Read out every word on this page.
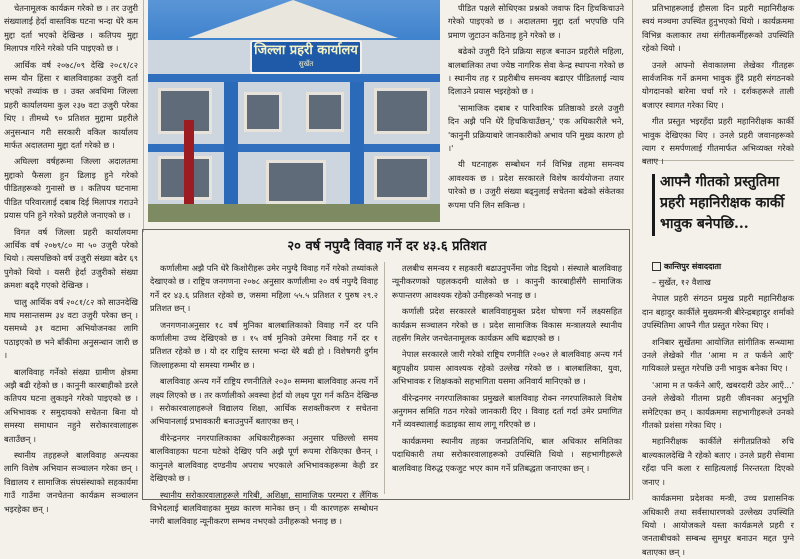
जिल्ला प्रहरी कार्यालय
सुर्खेत

चेतनामूलक कार्यक्रम गरेको छ । तर उजुरी संख्यालाई हेर्दा वास्तविक घटना भन्दा धेरै कम मुद्दा दर्ता भएको देखिन्छ । कतिपय मुद्दा मिलापत्र गरिने गरेको पनि पाइएको छ ।

आर्थिक वर्ष २०७८/०९ देखि २०८१/८२ सम्म यौन हिंसा र बालविवाहका उजुरी दर्ता भएको तथ्यांक छ । उक्त अवधिमा जिल्ला प्रहरी कार्यालयमा कुल २३७ वटा उजुरी परेका थिए । तीमध्ये ९० प्रतिशत मुद्दामा प्रहरीले अनुसन्धान गरी सरकारी वकिल कार्यालय मार्फत अदालतमा मुद्दा दर्ता गरेको छ ।

अघिल्ला वर्षहरूमा जिल्ला अदालतमा मुद्दाको फैसला हुन ढिलाइ हुने गरेको पीडितहरूको गुनासो छ । कतिपय घटनामा पीडित परिवारलाई दबाब दिई मिलापत्र गराउने प्रयास पनि हुने गरेको प्रहरीले जनाएको छ ।

विगत वर्ष जिल्ला प्रहरी कार्यालयमा आर्थिक वर्ष २०७९/८० मा ५० उजुरी परेको थियो । त्यसपछिको वर्ष उजुरी संख्या बढेर ६९ पुगेको थियो । यसरी हेर्दा उजुरीको संख्या क्रमशः बढ्दै गएको देखिन्छ ।

चालु आर्थिक वर्ष २०८१/८२ को साउनदेखि माघ मसान्तसम्म ३४ वटा उजुरी परेका छन् । यसमध्ये ३१ वटामा अभियोजनका लागि पठाइएको छ भने बाँकीमा अनुसन्धान जारी छ ।

बालविवाह गर्नेको संख्या ग्रामीण क्षेत्रमा अझै बढी रहेको छ । कानुनी कारबाहीको डरले कतिपय घटना लुकाइने गरेको पाइएको छ । अभिभावक र समुदायको सचेतना बिना यो समस्या समाधान नहुने सरोकारवालाहरू बताउँछन् ।

स्थानीय तहहरूले बालविवाह अन्त्यका लागि विशेष अभियान सञ्चालन गरेका छन् । विद्यालय र सामाजिक संघसंस्थाको सहकार्यमा गाउँ गाउँमा जनचेतना कार्यक्रम सञ्चालन भइरहेका छन् ।

पीडित पक्षले सोधिएका प्रश्नको जवाफ दिन हिचकिचाउने गरेको पाइएको छ । अदालतमा मुद्दा दर्ता भएपछि पनि प्रमाण जुटाउन कठिनाइ हुने गरेको छ ।

बढेको उजुरी दिने प्रक्रिया सहज बनाउन प्रहरीले महिला, बालबालिका तथा ज्येष्ठ नागरिक सेवा केन्द्र स्थापना गरेको छ । स्थानीय तह र प्रहरीबीच समन्वय बढाएर पीडितलाई न्याय दिलाउने प्रयास भइरहेको छ ।

'सामाजिक दबाब र पारिवारिक प्रतिष्ठाको डरले उजुरी दिन अझै पनि धेरै हिचकिचाउँछन्,' एक अधिकारीले भने, 'कानुनी प्रक्रियाबारे जानकारीको अभाव पनि मुख्य कारण हो ।'

यी घटनाहरू सम्बोधन गर्न विभिन्न तहमा समन्वय आवश्यक छ । प्रदेश सरकारले विशेष कार्ययोजना तयार पारेको छ । उजुरी संख्या बढ्नुलाई सचेतना बढेको संकेतका रूपमा पनि लिन सकिन्छ ।

प्रतिभाहरूलाई हौसला दिन प्रहरी महानिरीक्षक स्वयं मञ्चमा उपस्थित हुनुभएको थियो । कार्यक्रममा विभिन्न कलाकार तथा संगीतकर्मीहरूको उपस्थिति रहेको थियो ।

उनले आफ्नो सेवाकालमा लेखेका गीतहरू सार्वजनिक गर्ने क्रममा भावुक हुँदै प्रहरी संगठनको योगदानको बारेमा चर्चा गरे । दर्शकहरूले ताली बजाएर स्वागत गरेका थिए ।

गीत प्रस्तुत भइरहँदा प्रहरी महानिरीक्षक कार्की भावुक देखिएका थिए । उनले प्रहरी जवानहरूको त्याग र समर्पणलाई गीतमार्फत अभिव्यक्त गरेको बताए ।

आफ्नै गीतको प्रस्तुतिमा प्रहरी महानिरीक्षक कार्की भावुक बनेपछि...
कान्तिपुर संवाददाता

– सुर्खेत, १२ वैशाख

नेपाल प्रहरी संगठन प्रमुख प्रहरी महानिरीक्षक दान बहादुर कार्कीले मुख्यमन्त्री बीरेन्द्रबहादुर शर्माको उपस्थितिमा आफ्नै गीत प्रस्तुत गरेका थिए ।

शनिबार सुर्खेतमा आयोजित सांगीतिक सन्ध्यामा उनले लेखेको गीत 'आमा म त फर्कने आएँ' गायिकाले प्रस्तुत गरेपछि उनी भावुक बनेका थिए ।

'आमा म त फर्कने आएँ, खबरदारी उठेर आएँ...' उनले लेखेको गीतमा प्रहरी जीवनका अनुभूति समेटिएका छन् । कार्यक्रममा सहभागीहरूले उनको गीतको प्रशंसा गरेका थिए ।

महानिरीक्षक कार्कीले संगीतप्रतिको रुचि बाल्यकालदेखि नै रहेको बताए । उनले प्रहरी सेवामा रहँदा पनि कला र साहित्यलाई निरन्तरता दिएको जनाए ।

कार्यक्रममा प्रदेशका मन्त्री, उच्च प्रशासनिक अधिकारी तथा सर्वसाधारणको उल्लेख्य उपस्थिति थियो । आयोजकले यस्ता कार्यक्रमले प्रहरी र जनताबीचको सम्बन्ध सुमधुर बनाउन मद्दत पुग्ने बताएका छन् ।

२० वर्ष नपुग्दै विवाह गर्ने दर ४३.६ प्रतिशत

कर्णालीमा अझै पनि धेरै किशोरीहरू उमेर नपुग्दै विवाह गर्ने गरेको तथ्यांकले देखाएको छ । राष्ट्रिय जनगणना २०७८ अनुसार कर्णालीमा २० वर्ष नपुग्दै विवाह गर्ने दर ४३.६ प्रतिशत रहेको छ, जसमा महिला ५५.५ प्रतिशत र पुरुष २९.२ प्रतिशत छन् ।

जनगणनाअनुसार १८ वर्ष मुनिका बालबालिकाको विवाह गर्ने दर पनि कर्णालीमा उच्च देखिएको छ । १५ वर्ष मुनिको उमेरमा विवाह गर्ने दर १ प्रतिशत रहेको छ । यो दर राष्ट्रिय स्तरमा भन्दा धेरै बढी हो । विशेषगरी दुर्गम जिल्लाहरूमा यो समस्या गम्भीर छ ।

बालविवाह अन्त्य गर्ने राष्ट्रिय रणनीतिले २०३० सम्ममा बालविवाह अन्त्य गर्ने लक्ष्य लिएको छ । तर कर्णालीको अवस्था हेर्दा यो लक्ष्य पूरा गर्न कठिन देखिन्छ । सरोकारवालाहरूले विद्यालय शिक्षा, आर्थिक सशक्तीकरण र सचेतना अभियानलाई प्रभावकारी बनाउनुपर्ने बताएका छन् ।

वीरेन्द्रनगर नगरपालिकाका अधिकारीहरूका अनुसार पछिल्लो समय बालविवाहका घटना घटेको देखिए पनि अझै पूर्ण रूपमा रोकिएका छैनन् । कानुनले बालविवाह दण्डनीय अपराध भएकाले अभिभावकहरूमा केही डर देखिएको छ ।

स्थानीय सरोकारवालाहरूले गरिबी, अशिक्षा, सामाजिक परम्परा र लैंगिक विभेदलाई बालविवाहका मुख्य कारण मानेका छन् । यी कारणहरू सम्बोधन नगरी बालविवाह न्यूनीकरण सम्भव नभएको उनीहरूको भनाइ छ ।

तलबीच समन्वय र सहकारी बढाउनुपर्नेमा जोड दिइयो । संस्थाले बालविवाह न्यूनीकरणको पहलकदमी थालेको छ । कानुनी कारबाहीसँगै सामाजिक रूपान्तरण आवश्यक रहेको उनीहरूको भनाइ छ ।

कर्णाली प्रदेश सरकारले बालविवाहमुक्त प्रदेश घोषणा गर्ने लक्ष्यसहित कार्यक्रम सञ्चालन गरेको छ । प्रदेश सामाजिक विकास मन्त्रालयले स्थानीय तहसँग मिलेर जनचेतनामूलक कार्यक्रम अघि बढाएको छ ।

नेपाल सरकारले जारी गरेको राष्ट्रिय रणनीति २०७२ ले बालविवाह अन्त्य गर्न बहुपक्षीय प्रयास आवश्यक रहेको उल्लेख गरेको छ । बालबालिका, युवा, अभिभावक र शिक्षकको सहभागिता यसमा अनिवार्य मानिएको छ ।

वीरेन्द्रनगर नगरपालिकाका प्रमुखले बालविवाह रोक्न नगरपालिकाले विशेष अनुगमन समिति गठन गरेको जानकारी दिए । विवाह दर्ता गर्दा उमेर प्रमाणित गर्ने व्यवस्थालाई कडाइका साथ लागू गरिएको छ ।

कार्यक्रममा स्थानीय तहका जनप्रतिनिधि, बाल अधिकार समितिका पदाधिकारी तथा सरोकारवालाहरूको उपस्थिति थियो । सहभागीहरूले बालविवाह विरुद्ध एकजुट भएर काम गर्ने प्रतिबद्धता जनाएका छन् ।
